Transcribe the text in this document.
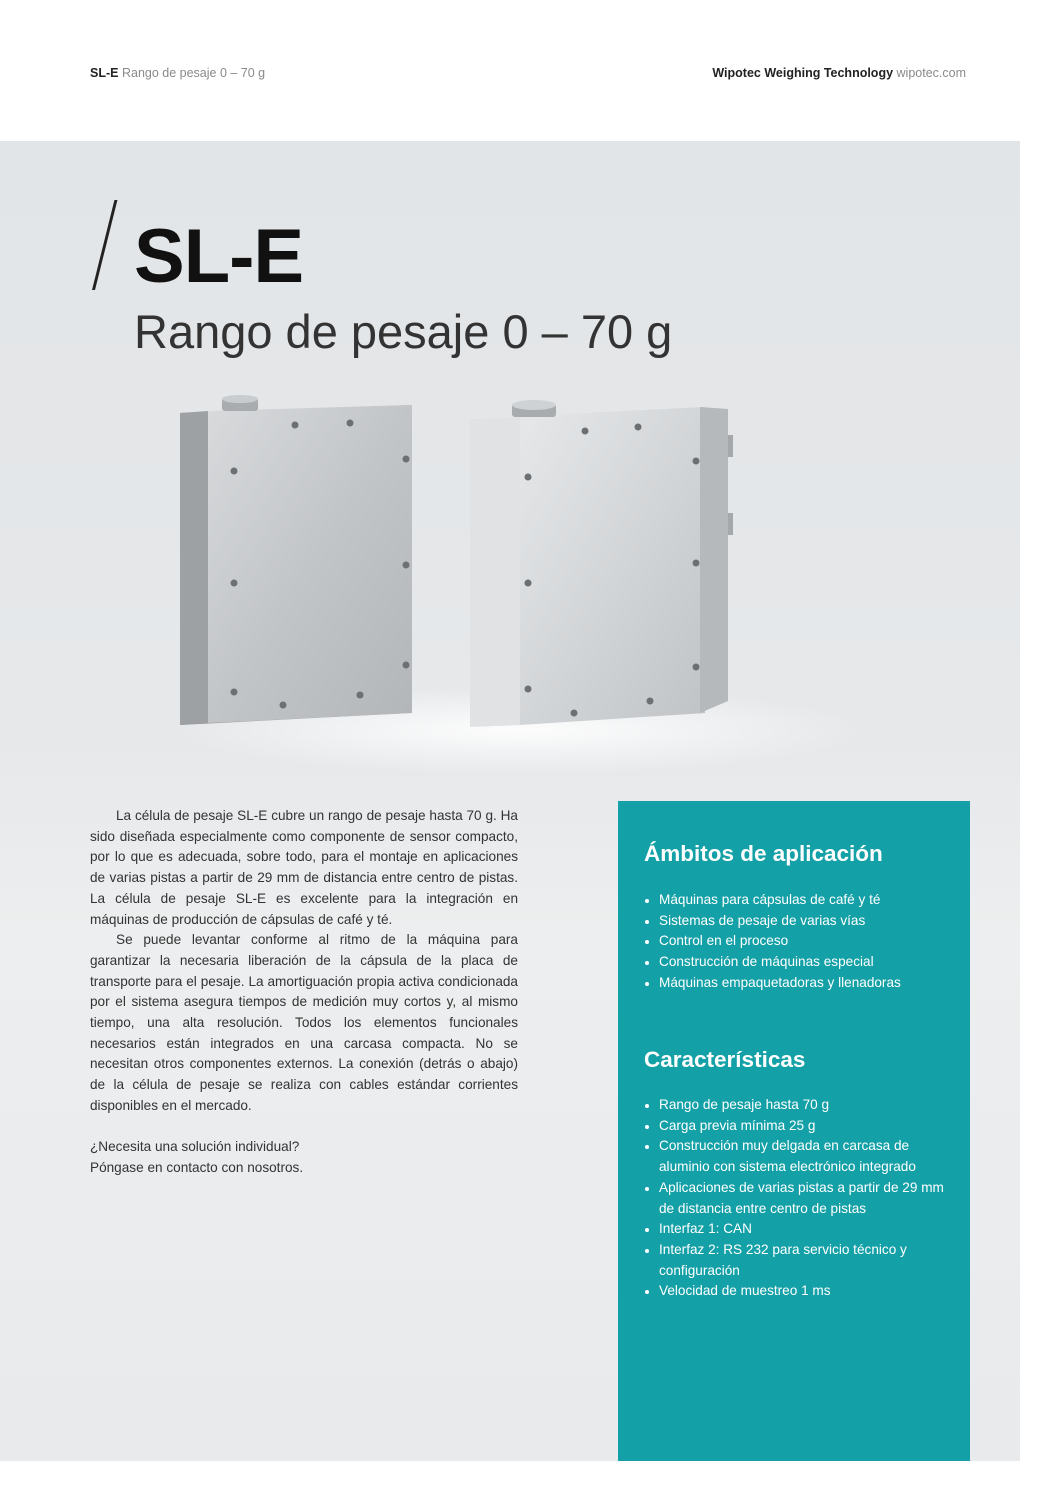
SL-E Rango de pesaje 0 – 70 g	Wipotec Weighing Technology wipotec.com
SL-E
Rango de pesaje 0 – 70 g

La célula de pesaje SL-E cubre un rango de pesaje hasta 70 g. Ha sido diseñada especialmente como componente de sensor compacto, por lo que es adecuada, sobre todo, para el montaje en aplicaciones de varias pistas a partir de 29 mm de distancia entre centro de pistas. La célula de pesaje SL-E es excelente para la integración en máquinas de producción de cápsulas de café y té.

Se puede levantar conforme al ritmo de la máquina para garantizar la necesaria liberación de la cápsula de la placa de transporte para el pesaje. La amortiguación propia activa condicionada por el sistema asegura tiempos de medición muy cortos y, al mismo tiempo, una alta resolución. Todos los elementos funcionales necesarios están integrados en una carcasa compacta. No se necesitan otros componentes externos. La conexión (detrás o abajo) de la célula de pesaje se realiza con cables estándar corrientes disponibles en el mercado.

¿Necesita una solución individual?
Póngase en contacto con nosotros.

Ámbitos de aplicación
Máquinas para cápsulas de café y té
Sistemas de pesaje de varias vías
Control en el proceso
Construcción de máquinas especial
Máquinas empaquetadoras y llenadoras
Características
Rango de pesaje hasta 70 g
Carga previa mínima 25 g
Construcción muy delgada en carcasa de aluminio con sistema electrónico integrado
Aplicaciones de varias pistas a partir de 29 mm de distancia entre centro de pistas
Interfaz 1: CAN
Interfaz 2: RS 232 para servicio técnico y configuración
Velocidad de muestreo 1 ms
